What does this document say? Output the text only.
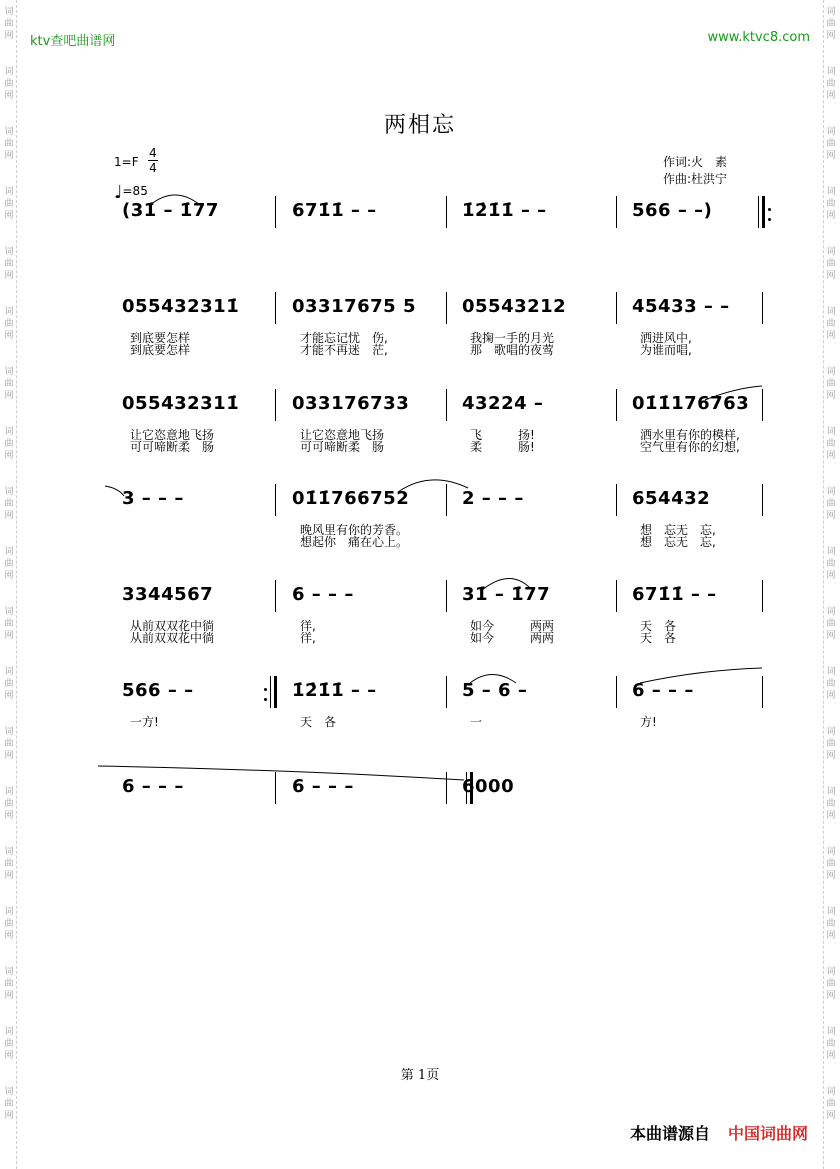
词
曲
网
词
曲
网
词
曲
网
词
曲
网
词
曲
网
词
曲
网
词
曲
网
词
曲
网
词
曲
网
词
曲
网
词
曲
网
词
曲
网
词
曲
网
词
曲
网
词
曲
网
词
曲
网
词
曲
网
词
曲
网
词
曲
网
词
曲
网
词
曲
网
词
曲
网
词
曲
网
词
曲
网
词
曲
网
词
曲
网
词
曲
网
词
曲
网
词
曲
网
词
曲
网
词
曲
网
词
曲
网
词
曲
网
词
曲
网
词
曲
网
词
曲
网
词
曲
网
词
曲
网
ktv查吧曲谱网	www.ktvc8.com
两相忘
1=F
4
4
♩=85
作词:火　素
作曲:杜洪宁
(31̇ – 1̇77	671̇1̇ – –	1̇2̇1̇1̇ – –	566 – –)
055432311̇
到底要怎样
到底要怎样
03317675 5
才能忘记忧　伤,
才能不再迷　茫,
05543212
我掬一手的月光
那　歌唱的夜莺
45433 – –
洒进风中,
为谁而唱,
055432311̇
让它恣意地飞扬
可可啼断柔　肠
033176733
让它恣意地飞扬
可可啼断柔　肠
43224 –
飞　　　扬!
柔　　　肠!
01̇1̇176763
洒水里有你的模样,
空气里有你的幻想,
3 – – –	01̇1̇766752
晚风里有你的芳香。
想起你　痛在心上。
2 – – –	654432
想　忘无　忘,
想　忘无　忘,
3344567
从前双双花中徜
从前双双花中徜
6 – – –
徉,
徉,
31̇ – 1̇77
如今　　　两两
如今　　　两两
671̇1̇ – –
天　各
天　各
566 – –
一方!
1̇2̇1̇1̇ – –
天　各
5 – 6 –
一
6 – – –
方!
6 – – –	6 – – –	6000
第 1页
本曲谱源自 中国词曲网
